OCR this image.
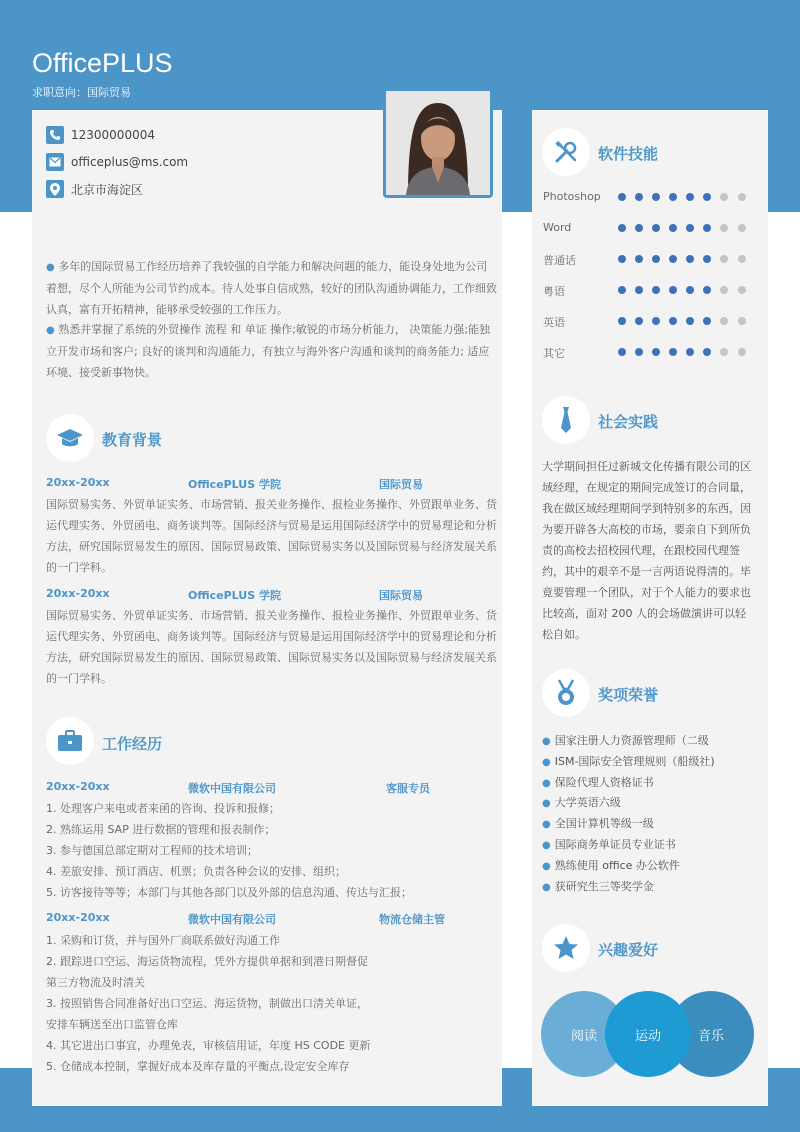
OfficePLUS
求职意向：国际贸易
12300000004
officeplus@ms.com
北京市海淀区

● 多年的国际贸易工作经历培养了我较强的自学能力和解决问题的能力，能设身处地为公司着想，尽个人所能为公司节约成本。待人处事自信成熟，较好的团队沟通协调能力，工作细致认真，富有开拓精神，能够承受较强的工作压力。

● 熟悉并掌握了系统的外贸操作 流程 和 单证 操作;敏锐的市场分析能力， 决策能力强;能独立开发市场和客户; 良好的谈判和沟通能力，有独立与海外客户沟通和谈判的商务能力; 适应环境、接受新事物快。

教育背景
20xx-20xx	OfficePLUS 学院	国际贸易

国际贸易实务、外贸单证实务、市场营销、报关业务操作、报检业务操作、外贸跟单业务、货运代理实务、外贸函电、商务谈判等。国际经济与贸易是运用国际经济学中的贸易理论和分析方法，研究国际贸易发生的原因、国际贸易政策、国际贸易实务以及国际贸易与经济发展关系的一门学科。

20xx-20xx	OfficePLUS 学院	国际贸易

国际贸易实务、外贸单证实务、市场营销、报关业务操作、报检业务操作、外贸跟单业务、货运代理实务、外贸函电、商务谈判等。国际经济与贸易是运用国际经济学中的贸易理论和分析方法，研究国际贸易发生的原因、国际贸易政策、国际贸易实务以及国际贸易与经济发展关系的一门学科。

工作经历
20xx-20xx	微软中国有限公司	客服专员
1. 处理客户来电或者来函的咨询、投诉和报修；
2. 熟练运用 SAP 进行数据的管理和报表制作；
3. 参与德国总部定期对工程师的技术培训；
4. 差旅安排、预订酒店、机票；负责各种会议的安排、组织；
5. 访客接待等等；本部门与其他各部门以及外部的信息沟通、传达与汇报；
20xx-20xx	微软中国有限公司	物流仓储主管
1. 采购和订货，并与国外厂商联系做好沟通工作
2. 跟踪进口空运、海运货物流程，凭外方提供单据和到港日期督促
第三方物流及时清关
3. 按照销售合同准备好出口空运、海运货物，制做出口清关单证，
安排车辆送至出口监管仓库
4. 其它进出口事宜，办理免表，审核信用证，年度 HS CODE 更新
5. 仓储成本控制，掌握好成本及库存量的平衡点,设定安全库存
软件技能
Photoshop
Word
普通话
粤语
英语
其它
社会实践

大学期间担任过新城文化传播有限公司的区域经理，在规定的期间完成签订的合同量，我在做区域经理期间学到特别多的东西，因为要开辟各大高校的市场，要亲自下到所负责的高校去招校园代理，在跟校园代理签约，其中的艰辛不是一言两语说得清的。毕竟要管理一个团队，对于个人能力的要求也比较高，面对 200 人的会场做演讲可以轻松自如。

奖项荣誉
● 国家注册人力资源管理师（二级
● ISM-国际安全管理规则（船级社)
● 保险代理人资格证书
● 大学英语六级
● 全国计算机等级一级
● 国际商务单证员专业证书
● 熟练使用 office 办公软件
● 获研究生三等奖学金
兴趣爱好
阅读	音乐
运动
